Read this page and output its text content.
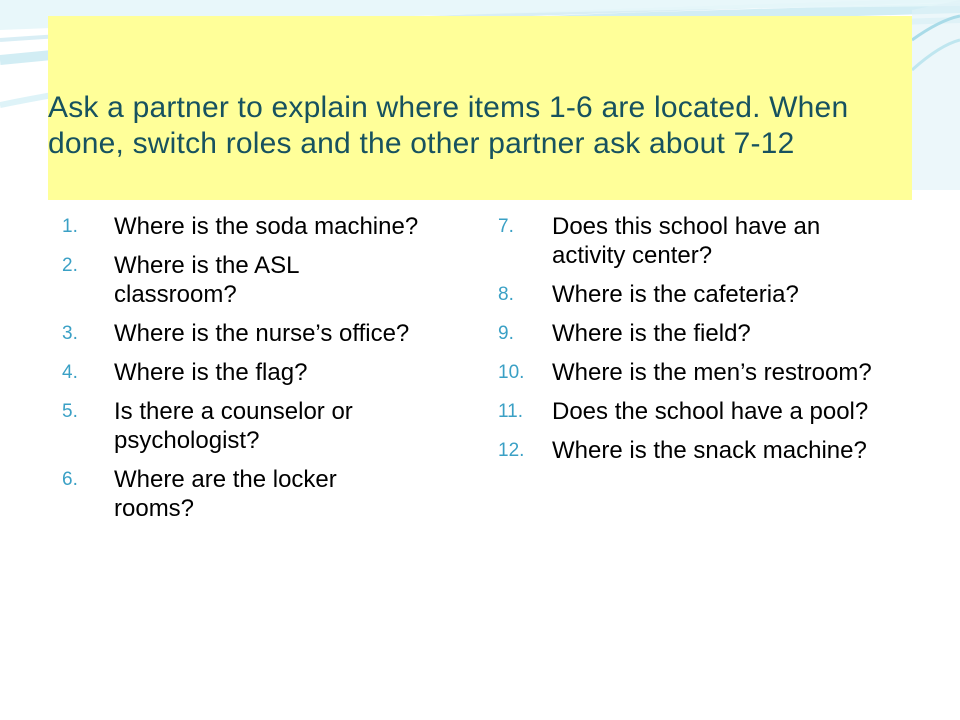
Ask a partner to explain where items 1-6 are located. When done, switch roles and the other partner ask about 7-12
1.	Where is the soda machine?
2.	Where is the ASL classroom?
3.	Where is the nurse’s office?
4.	Where is the flag?
5.	Is there a counselor or psychologist?
6.	Where are the locker rooms?
7.	Does this school have an activity center?
8.	Where is the cafeteria?
9.	Where is the field?
10.	Where is the men’s restroom?
11.	Does the school have a pool?
12.	Where is the snack machine?
